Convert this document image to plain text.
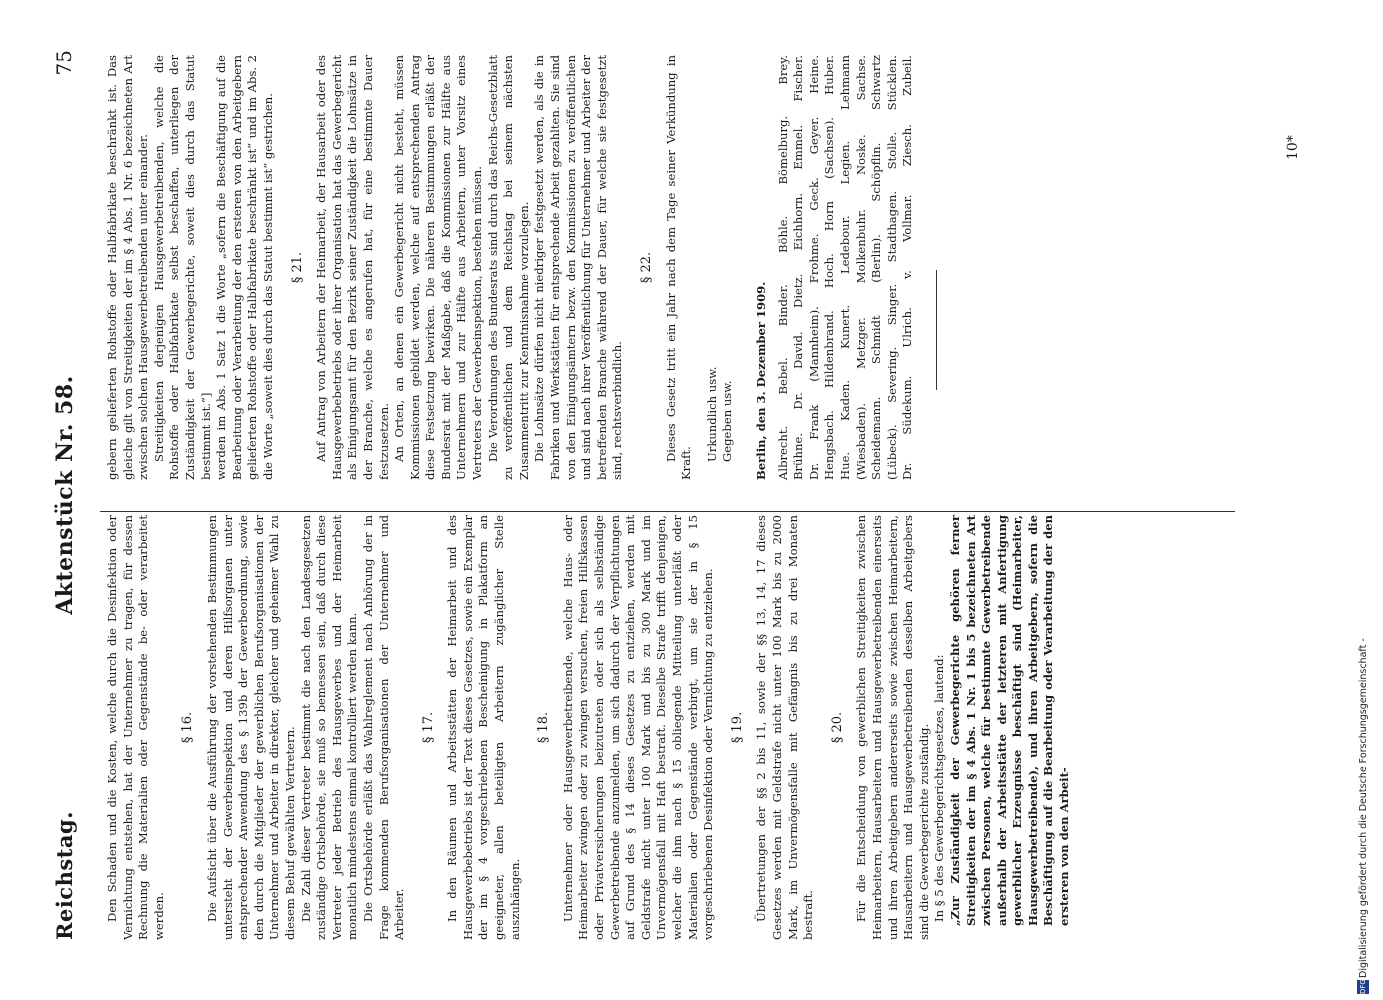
Reichstag.
Aktenstück Nr. 58.
75

Den Schaden und die Kosten, welche durch die Desinfektion oder Vernichtung entstehen, hat der Unternehmer zu tragen, für dessen Rechnung die Materialien oder Gegenstände be- oder verarbeitet werden.

§ 16. Die Aufsicht über die Ausführung der vorstehenden Bestimmungen untersteht der Gewerbeinspektion und deren Hilfsorganen unter entsprechender Anwendung des § 139b der Gewerbeordnung, sowie den durch die Mitglieder der gewerblichen Berufsorganisationen der Unternehmer und Arbeiter in direkter, gleicher und geheimer Wahl zu diesem Behuf gewählten Vertretern. Die Zahl dieser Vertreter bestimmt die nach den Landesgesetzen zuständige Ortsbehörde, sie muß so bemessen sein, daß durch diese Vertreter jeder Betrieb des Hausgewerbes und der Heimarbeit monatlich mindestens einmal kontrolliert werden kann. Die Ortsbehörde erläßt das Wahlreglement nach Anhörung der in Frage kommenden Berufsorganisationen der Unternehmer und Arbeiter.

§ 17. In den Räumen und Arbeitsstätten der Heimarbeit und des Hausgewerbebetriebs ist der Text dieses Gesetzes, sowie ein Exemplar der im § 4 vorgeschriebenen Bescheinigung in Plakatform an geeigneter, allen beteiligten Arbeitern zugänglicher Stelle auszuhängen.

§ 18. Unternehmer oder Hausgewerbetreibende, welche Haus- oder Heimarbeiter zwingen oder zu zwingen versuchen, freien Hilfskassen oder Privatversicherungen beizutreten oder sich als selbständige Gewerbetreibende anzumelden, um sich dadurch der Verpflichtungen auf Grund des § 14 dieses Gesetzes zu entziehen, werden mit Geldstrafe nicht unter 100 Mark und bis zu 300 Mark und im Unvermögensfall mit Haft bestraft. Dieselbe Strafe trifft denjenigen, welcher die ihm nach § 15 obliegende Mitteilung unterläßt oder Materialien oder Gegenstände verbirgt, um sie der in § 15 vorgeschriebenen Desinfektion oder Vernichtung zu entziehen. § 19. Übertretungen der §§ 2 bis 11, sowie der §§ 13, 14, 17 dieses Gesetzes werden mit Geldstrafe nicht unter 100 Mark bis zu 2000 Mark, im Unvermögensfalle mit Gefängnis bis zu drei Monaten bestraft.

§ 20. Für die Entscheidung von gewerblichen Streitigkeiten zwischen Heimarbeitern, Hausarbeitern und Hausgewerbetreibenden einerseits und ihren Arbeitgebern andererseits sowie zwischen Heimarbeitern, Hausarbeitern und Hausgewerbetreibenden desselben Arbeitgebers sind die Gewerbegerichte zuständig. In § 5 des Gewerbegerichtsgesetzes, lautend: „Zur Zuständigkeit der Gewerbegerichte gehören ferner Streitigkeiten der im § 4 Abs. 1 Nr. 1 bis 5 bezeichneten Art zwischen Personen, welche für bestimmte Gewerbetreibende außerhalb der Arbeitsstätte der letzteren mit Anfertigung gewerblicher Erzeugnisse beschäftigt sind (Heimarbeiter, Hausgewerbetreibende), und ihren Arbeitgebern, sofern die Beschäftigung auf die Bearbeitung oder Verarbeitung der den ersteren von den Arbeit-

gebern gelieferten Rohstoffe oder Halbfabrikate beschränkt ist. Das gleiche gilt von Streitigkeiten der im § 4 Abs. 1 Nr. 6 bezeichneten Art zwischen solchen Hausgewerbetreibenden unter einander. Streitigkeiten derjenigen Hausgewerbetreibenden, welche die Rohstoffe oder Halbfabrikate selbst beschaffen, unterliegen der Zuständigkeit der Gewerbegerichte, soweit dies durch das Statut bestimmt ist.“] werden im Abs. 1 Satz 1 die Worte „sofern die Beschäftigung auf die Bearbeitung oder Verarbeitung der den ersteren von den Arbeitgebern gelieferten Rohstoffe oder Halbfabrikate beschränkt ist“ und im Abs. 2 die Worte „soweit dies durch das Statut bestimmt ist“ gestrichen. § 21. Auf Antrag von Arbeitern der Heimarbeit, der Hausarbeit oder des Hausgewerbebetriebs oder ihrer Organisation hat das Gewerbegericht als Einigungsamt für den Bezirk seiner Zuständigkeit die Lohnsätze in der Branche, welche es angerufen hat, für eine bestimmte Dauer festzusetzen. An Orten, an denen ein Gewerbegericht nicht besteht, müssen Kommissionen gebildet werden, welche auf entsprechenden Antrag diese Festsetzung bewirken. Die näheren Bestimmungen erläßt der Bundesrat mit der Maßgabe, daß die Kommissionen zur Hälfte aus Unternehmern und zur Hälfte aus Arbeitern, unter Vorsitz eines Vertreters der Gewerbeinspektion, bestehen müssen. Die Verordnungen des Bundesrats sind durch das Reichs-Gesetzblatt zu veröffentlichen und dem Reichstag bei seinem nächsten Zusammentritt zur Kenntnisnahme vorzulegen. Die Lohnsätze dürfen nicht niedriger festgesetzt werden, als die in Fabriken und Werkstätten für entsprechende Arbeit gezahlten. Sie sind von den Einigungsämtern bezw. den Kommissionen zu veröffentlichen und sind nach ihrer Veröffentlichung für Unternehmer und Arbeiter der betreffenden Branche während der Dauer, für welche sie festgesetzt sind, rechtsverbindlich.

§ 22. Dieses Gesetz tritt ein Jahr nach dem Tage seiner Verkündung in Kraft.

Urkundlich usw. Gegeben usw. Berlin, den 3. Dezember 1909. Albrecht. Bebel. Binder. Böhle. Bömelburg. Brey. Brühne. Dr. David. Dietz. Eichhorn. Emmel. Fischer. Dr. Frank (Mannheim). Frohme. Geck. Geyer. Heine. Hengsbach. Hildenbrand. Hoch. Horn (Sachsen). Huber. Hue. Kaden. Kunert. Ledebour. Legien. Lehmann (Wiesbaden). Metzger. Molkenbuhr. Noske. Sachse. Scheidemann. Schmidt (Berlin). Schöpflin. Schwartz (Lübeck). Severing. Singer. Stadthagen. Stolle. Stücklen. Dr. Südekum. Ulrich. v. Vollmar. Ziesch. Zubeil.	10*
DFG
Digitalisierung gefördert durch die Deutsche Forschungsgemeinschaft -
